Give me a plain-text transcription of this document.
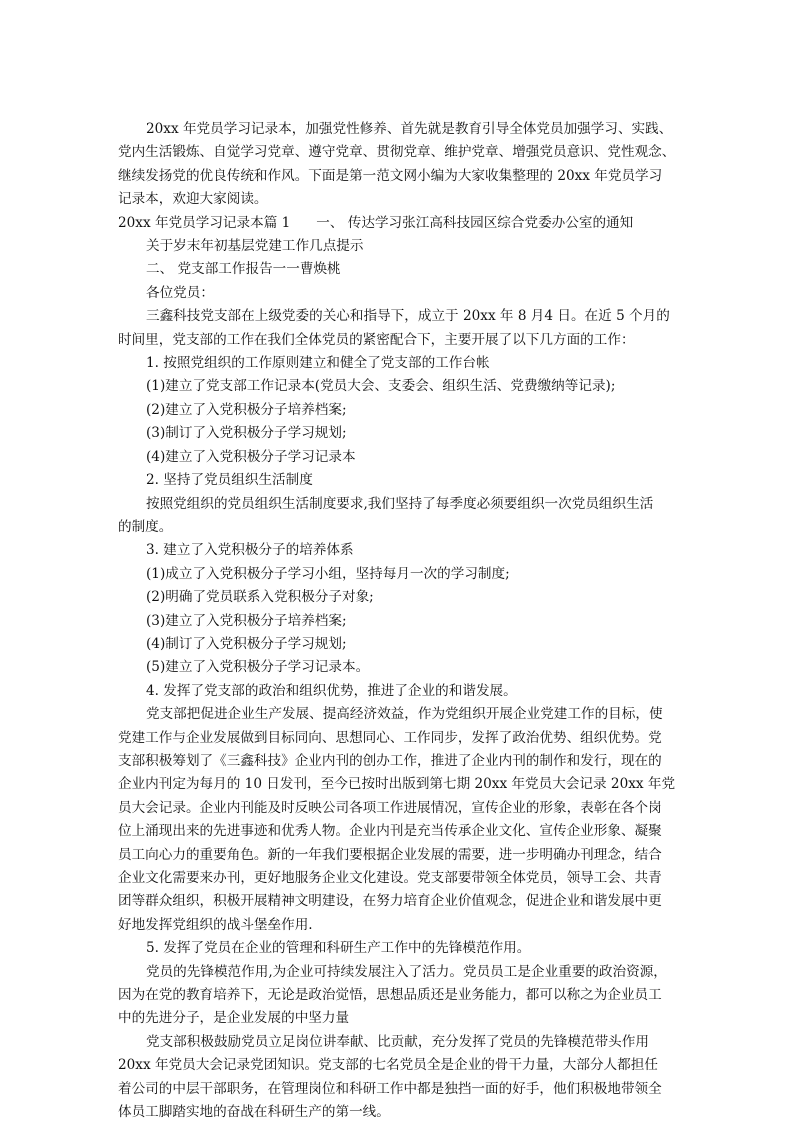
20xx 年党员学习记录本，加强党性修养、首先就是教育引导全体党员加强学习、实践、
党内生活锻炼、自觉学习党章、遵守党章、贯彻党章、维护党章、增强党员意识、党性观念、
继续发扬党的优良传统和作风。下面是第一范文网小编为大家收集整理的 20xx 年党员学习
记录本，欢迎大家阅读。
20xx 年党员学习记录本篇 1 一、 传达学习张江高科技园区综合党委办公室的通知
关于岁末年初基层党建工作几点提示
二、 党支部工作报告一一曹焕桃
各位党员：
三鑫科技党支部在上级党委的关心和指导下，成立于 20xx 年 8 月4 日。在近 5 个月的
时间里，党支部的工作在我们全体党员的紧密配合下，主要开展了以下几方面的工作：
1. 按照党组织的工作原则建立和健全了党支部的工作台帐
(1)建立了党支部工作记录本(党员大会、支委会、组织生活、党费缴纳等记录);
(2)建立了入党积极分子培养档案;
(3)制订了入党积极分子学习规划;
(4)建立了入党积极分子学习记录本
2. 坚持了党员组织生活制度
按照党组织的党员组织生活制度要求,我们坚持了每季度必须要组织一次党员组织生活
的制度。
3. 建立了入党积极分子的培养体系
(1)成立了入党积极分子学习小组，坚持每月一次的学习制度;
(2)明确了党员联系入党积极分子对象;
(3)建立了入党积极分子培养档案;
(4)制订了入党积极分子学习规划;
(5)建立了入党积极分子学习记录本。
4. 发挥了党支部的政治和组织优势，推进了企业的和谐发展。
党支部把促进企业生产发展、提高经济效益，作为党组织开展企业党建工作的目标，使
党建工作与企业发展做到目标同向、思想同心、工作同步，发挥了政治优势、组织优势。党
支部积极筹划了《三鑫科技》企业内刊的创办工作，推进了企业内刊的制作和发行，现在的
企业内刊定为每月的 10 日发刊，至今已按时出版到第七期 20xx 年党员大会记录 20xx 年党
员大会记录。企业内刊能及时反映公司各项工作进展情况，宣传企业的形象，表彰在各个岗
位上涌现出来的先进事迹和优秀人物。企业内刊是充当传承企业文化、宣传企业形象、凝聚
员工向心力的重要角色。新的一年我们要根据企业发展的需要，进一步明确办刊理念，结合
企业文化需要来办刊，更好地服务企业文化建设。党支部要带领全体党员，领导工会、共青
团等群众组织，积极开展精神文明建设，在努力培育企业价值观念，促进企业和谐发展中更
好地发挥党组织的战斗堡垒作用.
5. 发挥了党员在企业的管理和科研生产工作中的先锋模范作用。
党员的先锋模范作用,为企业可持续发展注入了活力。党员员工是企业重要的政治资源，
因为在党的教育培养下，无论是政治觉悟，思想品质还是业务能力，都可以称之为企业员工
中的先进分子，是企业发展的中坚力量
党支部积极鼓励党员立足岗位讲奉献、比贡献，充分发挥了党员的先锋模范带头作用
20xx 年党员大会记录党团知识。党支部的七名党员全是企业的骨干力量，大部分人都担任
着公司的中层干部职务，在管理岗位和科研工作中都是独挡一面的好手，他们积极地带领全
体员工脚踏实地的奋战在科研生产的第一线。
